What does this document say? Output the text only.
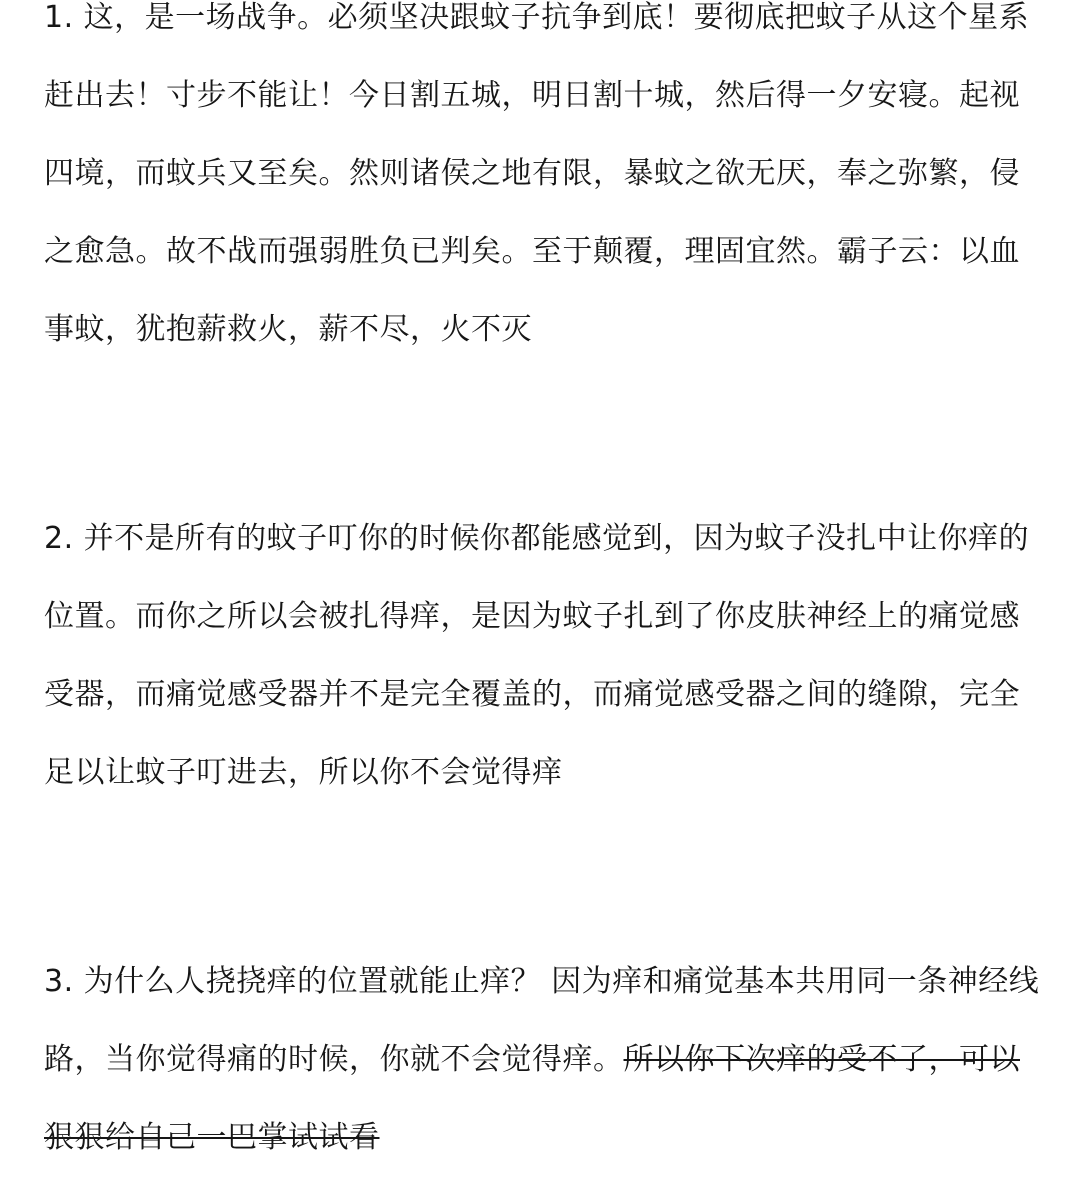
1. 这，是一场战争。必须坚决跟蚊子抗争到底！要彻底把蚊子从这个星系
赶出去！寸步不能让！今日割五城，明日割十城，然后得一夕安寝。起视
四境，而蚊兵又至矣。然则诸侯之地有限，暴蚊之欲无厌，奉之弥繁，侵
之愈急。故不战而强弱胜负已判矣。至于颠覆，理固宜然。霸子云：以血
事蚊，犹抱薪救火，薪不尽，火不灭
2. 并不是所有的蚊子叮你的时候你都能感觉到，因为蚊子没扎中让你痒的
位置。而你之所以会被扎得痒，是因为蚊子扎到了你皮肤神经上的痛觉感
受器，而痛觉感受器并不是完全覆盖的，而痛觉感受器之间的缝隙，完全
足以让蚊子叮进去，所以你不会觉得痒
3. 为什么人挠挠痒的位置就能止痒？ 因为痒和痛觉基本共用同一条神经线
路，当你觉得痛的时候，你就不会觉得痒。所以你下次痒的受不了，可以
狠狠给自己一巴掌试试看
